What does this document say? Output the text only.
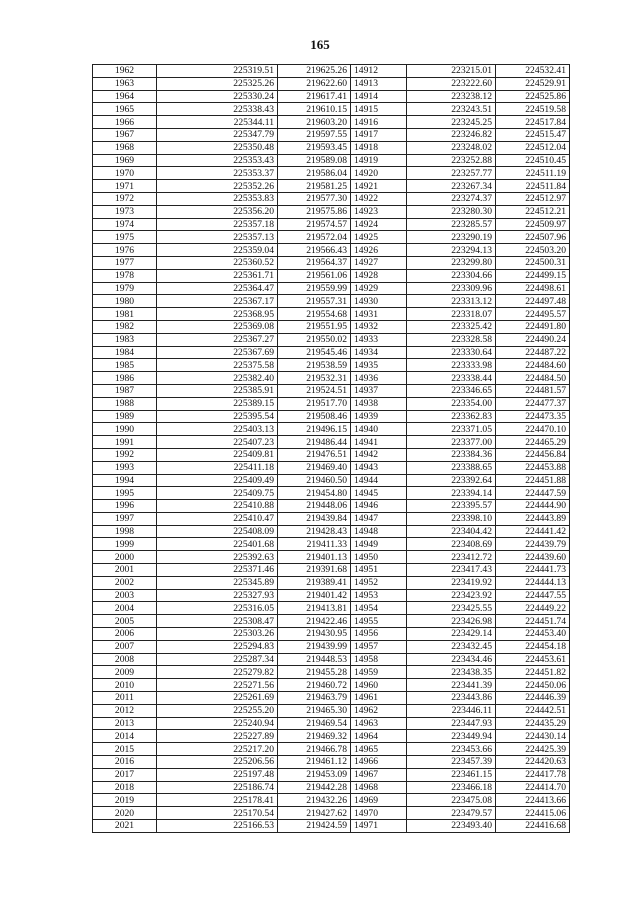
165
1962	225319.51	219625.26	14912	223215.01	224532.41
1963	225325.26	219622.60	14913	223222.60	224529.91
1964	225330.24	219617.41	14914	223238.12	224525.86
1965	225338.43	219610.15	14915	223243.51	224519.58
1966	225344.11	219603.20	14916	223245.25	224517.84
1967	225347.79	219597.55	14917	223246.82	224515.47
1968	225350.48	219593.45	14918	223248.02	224512.04
1969	225353.43	219589.08	14919	223252.88	224510.45
1970	225353.37	219586.04	14920	223257.77	224511.19
1971	225352.26	219581.25	14921	223267.34	224511.84
1972	225353.83	219577.30	14922	223274.37	224512.97
1973	225356.20	219575.86	14923	223280.30	224512.21
1974	225357.18	219574.57	14924	223285.57	224509.97
1975	225357.13	219572.04	14925	223290.19	224507.96
1976	225359.04	219566.43	14926	223294.13	224503.20
1977	225360.52	219564.37	14927	223299.80	224500.31
1978	225361.71	219561.06	14928	223304.66	224499.15
1979	225364.47	219559.99	14929	223309.96	224498.61
1980	225367.17	219557.31	14930	223313.12	224497.48
1981	225368.95	219554.68	14931	223318.07	224495.57
1982	225369.08	219551.95	14932	223325.42	224491.80
1983	225367.27	219550.02	14933	223328.58	224490.24
1984	225367.69	219545.46	14934	223330.64	224487.22
1985	225375.58	219538.59	14935	223333.98	224484.60
1986	225382.40	219532.31	14936	223338.44	224484.50
1987	225385.91	219524.51	14937	223346.65	224481.57
1988	225389.15	219517.70	14938	223354.00	224477.37
1989	225395.54	219508.46	14939	223362.83	224473.35
1990	225403.13	219496.15	14940	223371.05	224470.10
1991	225407.23	219486.44	14941	223377.00	224465.29
1992	225409.81	219476.51	14942	223384.36	224456.84
1993	225411.18	219469.40	14943	223388.65	224453.88
1994	225409.49	219460.50	14944	223392.64	224451.88
1995	225409.75	219454.80	14945	223394.14	224447.59
1996	225410.88	219448.06	14946	223395.57	224444.90
1997	225410.47	219439.84	14947	223398.10	224443.89
1998	225408.09	219428.43	14948	223404.42	224441.42
1999	225401.68	219411.33	14949	223408.69	224439.79
2000	225392.63	219401.13	14950	223412.72	224439.60
2001	225371.46	219391.68	14951	223417.43	224441.73
2002	225345.89	219389.41	14952	223419.92	224444.13
2003	225327.93	219401.42	14953	223423.92	224447.55
2004	225316.05	219413.81	14954	223425.55	224449.22
2005	225308.47	219422.46	14955	223426.98	224451.74
2006	225303.26	219430.95	14956	223429.14	224453.40
2007	225294.83	219439.99	14957	223432.45	224454.18
2008	225287.34	219448.53	14958	223434.46	224453.61
2009	225279.82	219455.28	14959	223438.35	224451.82
2010	225271.56	219460.72	14960	223441.39	224450.06
2011	225261.69	219463.79	14961	223443.86	224446.39
2012	225255.20	219465.30	14962	223446.11	224442.51
2013	225240.94	219469.54	14963	223447.93	224435.29
2014	225227.89	219469.32	14964	223449.94	224430.14
2015	225217.20	219466.78	14965	223453.66	224425.39
2016	225206.56	219461.12	14966	223457.39	224420.63
2017	225197.48	219453.09	14967	223461.15	224417.78
2018	225186.74	219442.28	14968	223466.18	224414.70
2019	225178.41	219432.26	14969	223475.08	224413.66
2020	225170.54	219427.62	14970	223479.57	224415.06
2021	225166.53	219424.59	14971	223493.40	224416.68
